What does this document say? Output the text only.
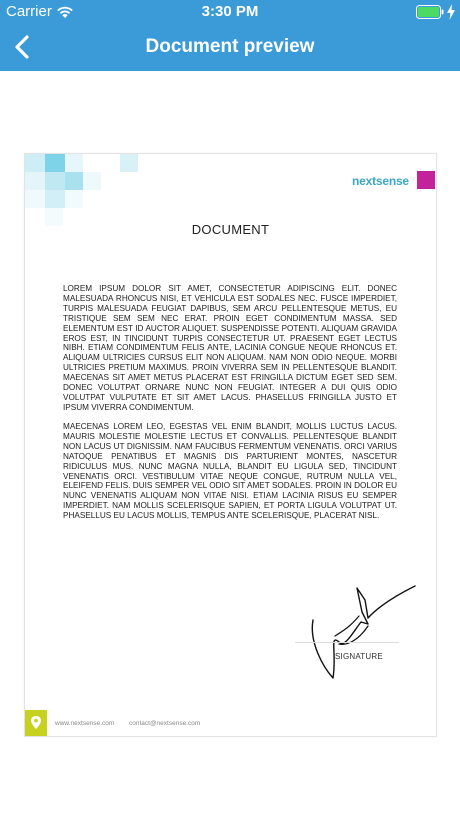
Carrier	3:30 PM
Document preview
nextsense
DOCUMENT
LOREM IPSUM DOLOR SIT AMET, CONSECTETUR ADIPISCING ELIT. DONEC MALESUADA RHONCUS NISI, ET VEHICULA EST SODALES NEC. FUSCE IMPERDIET, TURPIS MALESUADA FEUGIAT DAPIBUS, SEM ARCU PELLENTESQUE METUS, EU TRISTIQUE SEM SEM NEC ERAT. PROIN EGET CONDIMENTUM MASSA. SED ELEMENTUM EST ID AUCTOR ALIQUET. SUSPENDISSE POTENTI. ALIQUAM GRAVIDA EROS EST, IN TINCIDUNT TURPIS CONSECTETUR UT. PRAESENT EGET LECTUS NIBH. ETIAM CONDIMENTUM FELIS ANTE, LACINIA CONGUE NEQUE RHONCUS ET. ALIQUAM ULTRICIES CURSUS ELIT NON ALIQUAM. NAM NON ODIO NEQUE. MORBI ULTRICIES PRETIUM MAXIMUS. PROIN VIVERRA SEM IN PELLENTESQUE BLANDIT. MAECENAS SIT AMET METUS PLACERAT EST FRINGILLA DICTUM EGET SED SEM. DONEC VOLUTPAT ORNARE NUNC NON FEUGIAT. INTEGER A DUI QUIS ODIO VOLUTPAT VULPUTATE ET SIT AMET LACUS. PHASELLUS FRINGILLA JUSTO ET IPSUM VIVERRA CONDIMENTUM.
MAECENAS LOREM LEO, EGESTAS VEL ENIM BLANDIT, MOLLIS LUCTUS LACUS. MAURIS MOLESTIE MOLESTIE LECTUS ET CONVALLIS. PELLENTESQUE BLANDIT NON LACUS UT DIGNISSIM. NAM FAUCIBUS FERMENTUM VENENATIS. ORCI VARIUS NATOQUE PENATIBUS ET MAGNIS DIS PARTURIENT MONTES, NASCETUR RIDICULUS MUS. NUNC MAGNA NULLA, BLANDIT EU LIGULA SED, TINCIDUNT VENENATIS ORCI. VESTIBULUM VITAE NEQUE CONGUE, RUTRUM NULLA VEL, ELEIFEND FELIS. DUIS SEMPER VEL ODIO SIT AMET SODALES. PROIN IN DOLOR EU NUNC VENENATIS ALIQUAM NON VITAE NISI. ETIAM LACINIA RISUS EU SEMPER IMPERDIET. NAM MOLLIS SCELERISQUE SAPIEN, ET PORTA LIGULA VOLUTPAT UT. PHASELLUS EU LACUS MOLLIS, TEMPUS ANTE SCELERISQUE, PLACERAT NISL.
SIGNATURE
www.nextsense.com contact@nextsense.com
